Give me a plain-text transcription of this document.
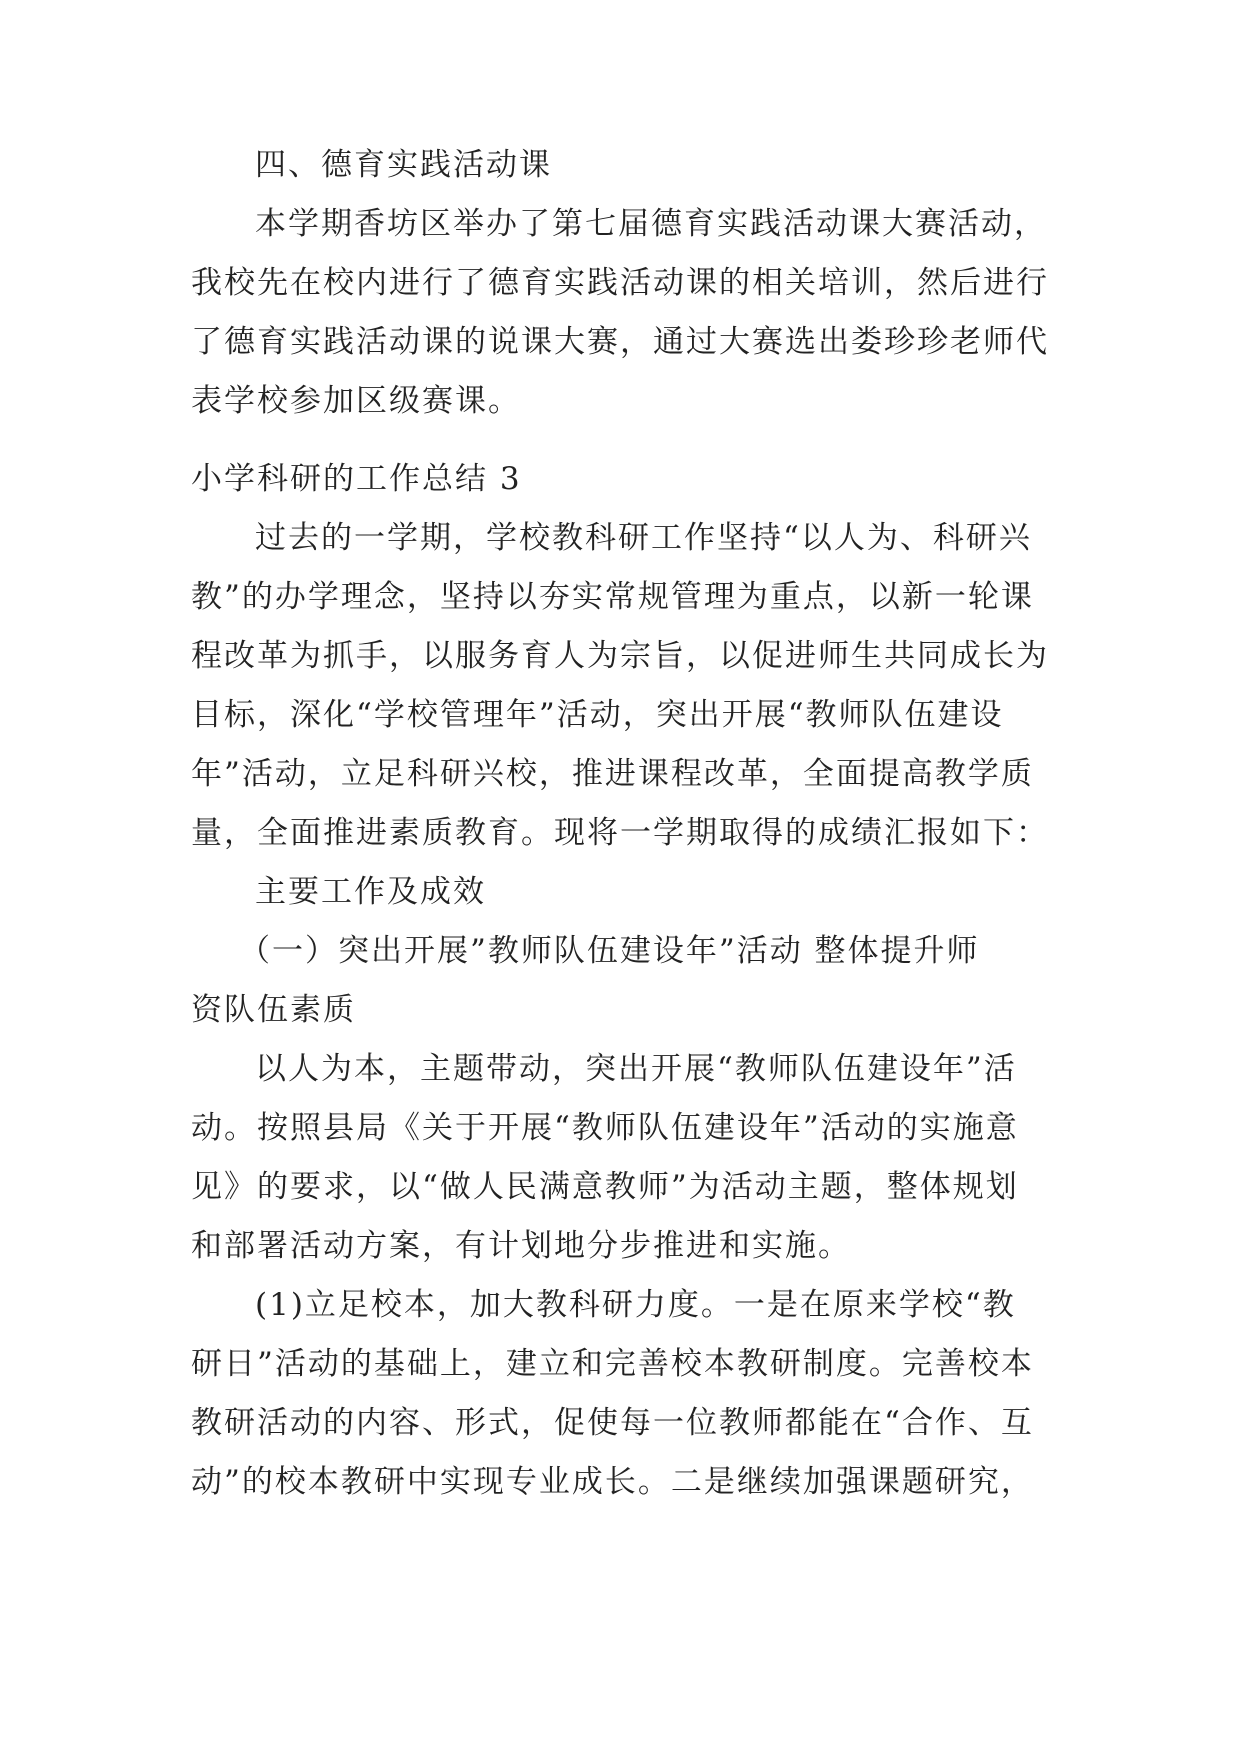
四、德育实践活动课
本学期香坊区举办了第七届德育实践活动课大赛活动，
我校先在校内进行了德育实践活动课的相关培训，然后进行
了德育实践活动课的说课大赛，通过大赛选出娄珍珍老师代
表学校参加区级赛课。
小学科研的工作总结 3
过去的一学期，学校教科研工作坚持“以人为、科研兴
教”的办学理念，坚持以夯实常规管理为重点，以新一轮课
程改革为抓手，以服务育人为宗旨，以促进师生共同成长为
目标，深化“学校管理年”活动，突出开展“教师队伍建设
年”活动，立足科研兴校，推进课程改革，全面提高教学质
量，全面推进素质教育。现将一学期取得的成绩汇报如下：
主要工作及成效
（一）突出开展”教师队伍建设年”活动 整体提升师
资队伍素质
以人为本，主题带动，突出开展“教师队伍建设年”活
动。按照县局《关于开展“教师队伍建设年”活动的实施意
见》的要求，以“做人民满意教师”为活动主题，整体规划
和部署活动方案，有计划地分步推进和实施。
(1)立足校本，加大教科研力度。一是在原来学校“教
研日”活动的基础上，建立和完善校本教研制度。完善校本
教研活动的内容、形式，促使每一位教师都能在“合作、互
动”的校本教研中实现专业成长。二是继续加强课题研究，
